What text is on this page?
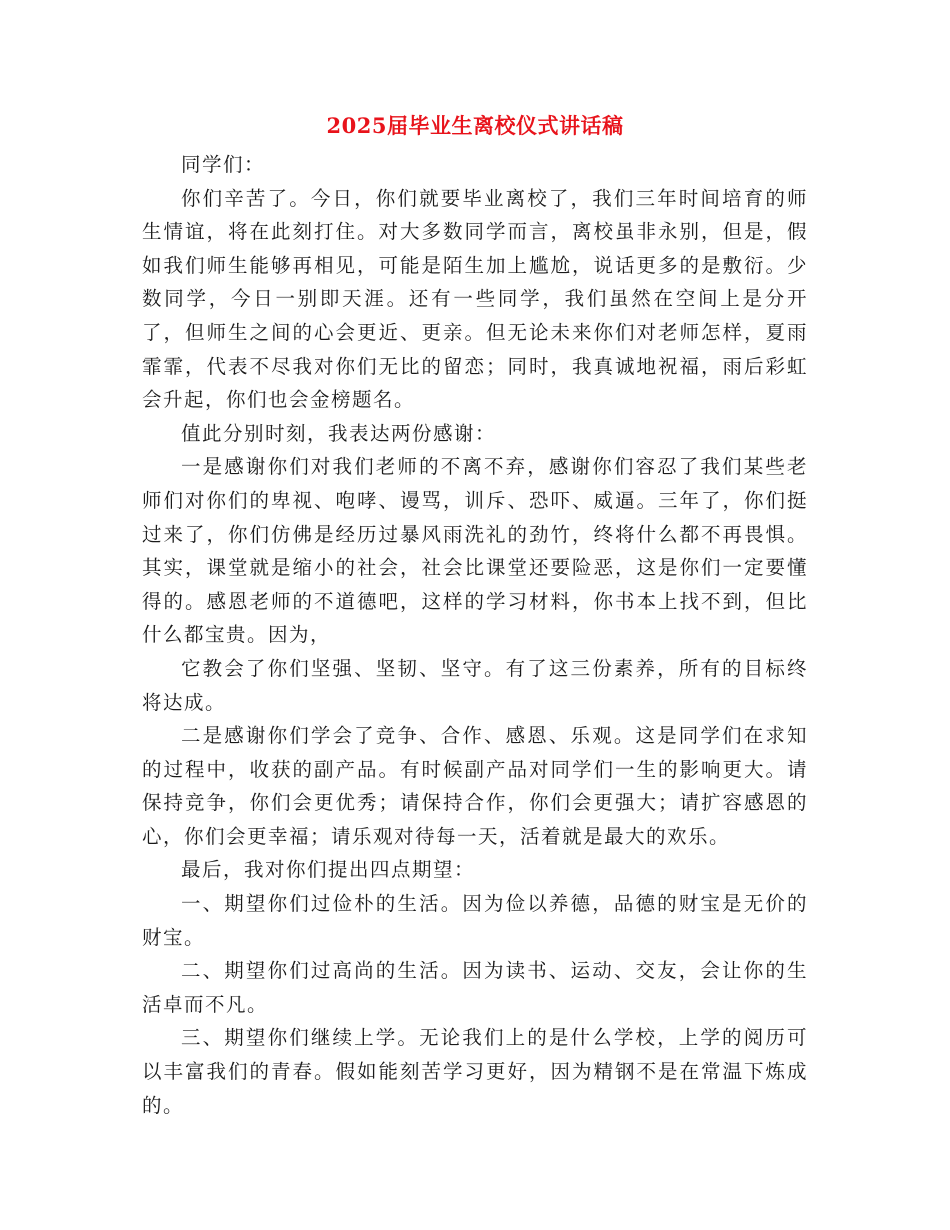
2025届毕业生离校仪式讲话稿

同学们：

你们辛苦了。今日，你们就要毕业离校了，我们三年时间培育的师生情谊，将在此刻打住。对大多数同学而言，离校虽非永别，但是，假如我们师生能够再相见，可能是陌生加上尴尬，说话更多的是敷衍。少数同学，今日一别即天涯。还有一些同学，我们虽然在空间上是分开了，但师生之间的心会更近、更亲。但无论未来你们对老师怎样，夏雨霏霏，代表不尽我对你们无比的留恋；同时，我真诚地祝福，雨后彩虹会升起，你们也会金榜题名。

值此分别时刻，我表达两份感谢：

一是感谢你们对我们老师的不离不弃，感谢你们容忍了我们某些老师们对你们的卑视、咆哮、谩骂，训斥、恐吓、威逼。三年了，你们挺过来了，你们仿佛是经历过暴风雨洗礼的劲竹，终将什么都不再畏惧。其实，课堂就是缩小的社会，社会比课堂还要险恶，这是你们一定要懂得的。感恩老师的不道德吧，这样的学习材料，你书本上找不到，但比什么都宝贵。因为，

它教会了你们坚强、坚韧、坚守。有了这三份素养，所有的目标终将达成。

二是感谢你们学会了竞争、合作、感恩、乐观。这是同学们在求知的过程中，收获的副产品。有时候副产品对同学们一生的影响更大。请保持竞争，你们会更优秀；请保持合作，你们会更强大；请扩容感恩的心，你们会更幸福；请乐观对待每一天，活着就是最大的欢乐。

最后，我对你们提出四点期望：

一、期望你们过俭朴的生活。因为俭以养德，品德的财宝是无价的财宝。

二、期望你们过高尚的生活。因为读书、运动、交友，会让你的生活卓而不凡。

三、期望你们继续上学。无论我们上的是什么学校，上学的阅历可以丰富我们的青春。假如能刻苦学习更好，因为精钢不是在常温下炼成的。
